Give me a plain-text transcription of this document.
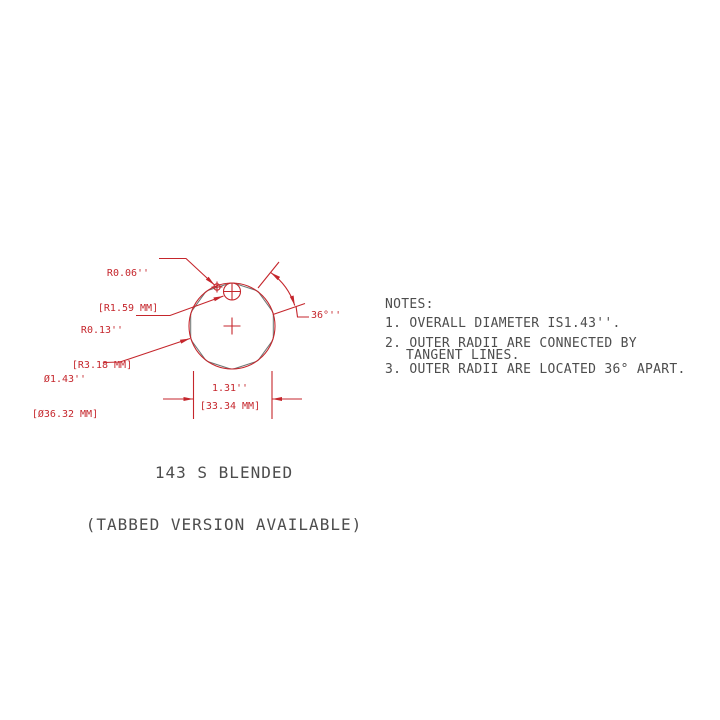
R0.06''

[R1.59 MM]

R0.13''

[R3.18 MM]

Ø1.43''

[Ø36.32 MM]

36°''
1.31''
[33.34 MM]
NOTES:
1. OVERALL DIAMETER IS1.43''.
2. OUTER RADII ARE CONNECTED BY
TANGENT LINES.
3. OUTER RADII ARE LOCATED 36° APART.

143 S BLENDED

(TABBED VERSION AVAILABLE)
